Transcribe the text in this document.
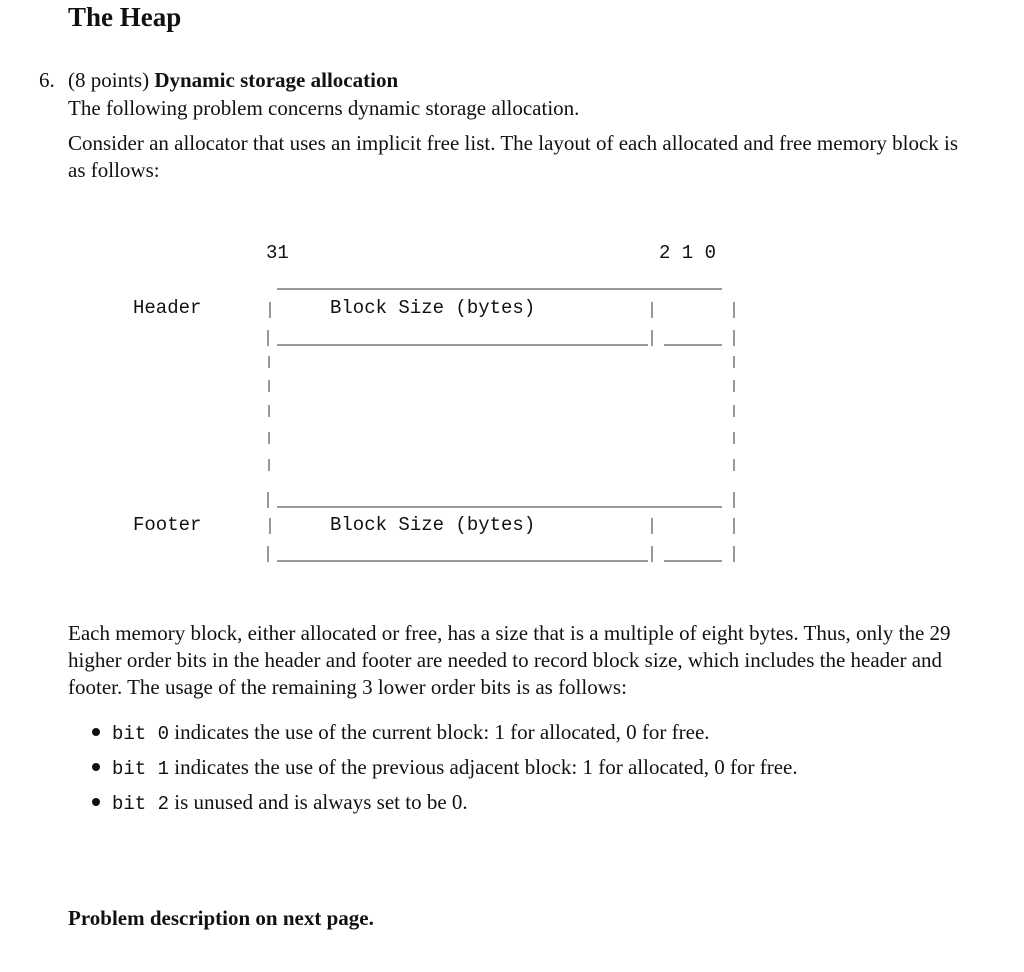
The Heap
6. (8 points) Dynamic storage allocation

The following problem concerns dynamic storage allocation.

Consider an allocator that uses an implicit free list. The layout of each allocated and free memory block is as follows:

31	2 1 0
Header	Block Size (bytes)
Footer	Block Size (bytes)

Each memory block, either allocated or free, has a size that is a multiple of eight bytes. Thus, only the 29 higher order bits in the header and footer are needed to record block size, which includes the header and footer. The usage of the remaining 3 lower order bits is as follows:

bit 0 indicates the use of the current block: 1 for allocated, 0 for free.
bit 1 indicates the use of the previous adjacent block: 1 for allocated, 0 for free.
bit 2 is unused and is always set to be 0.
Problem description on next page.
